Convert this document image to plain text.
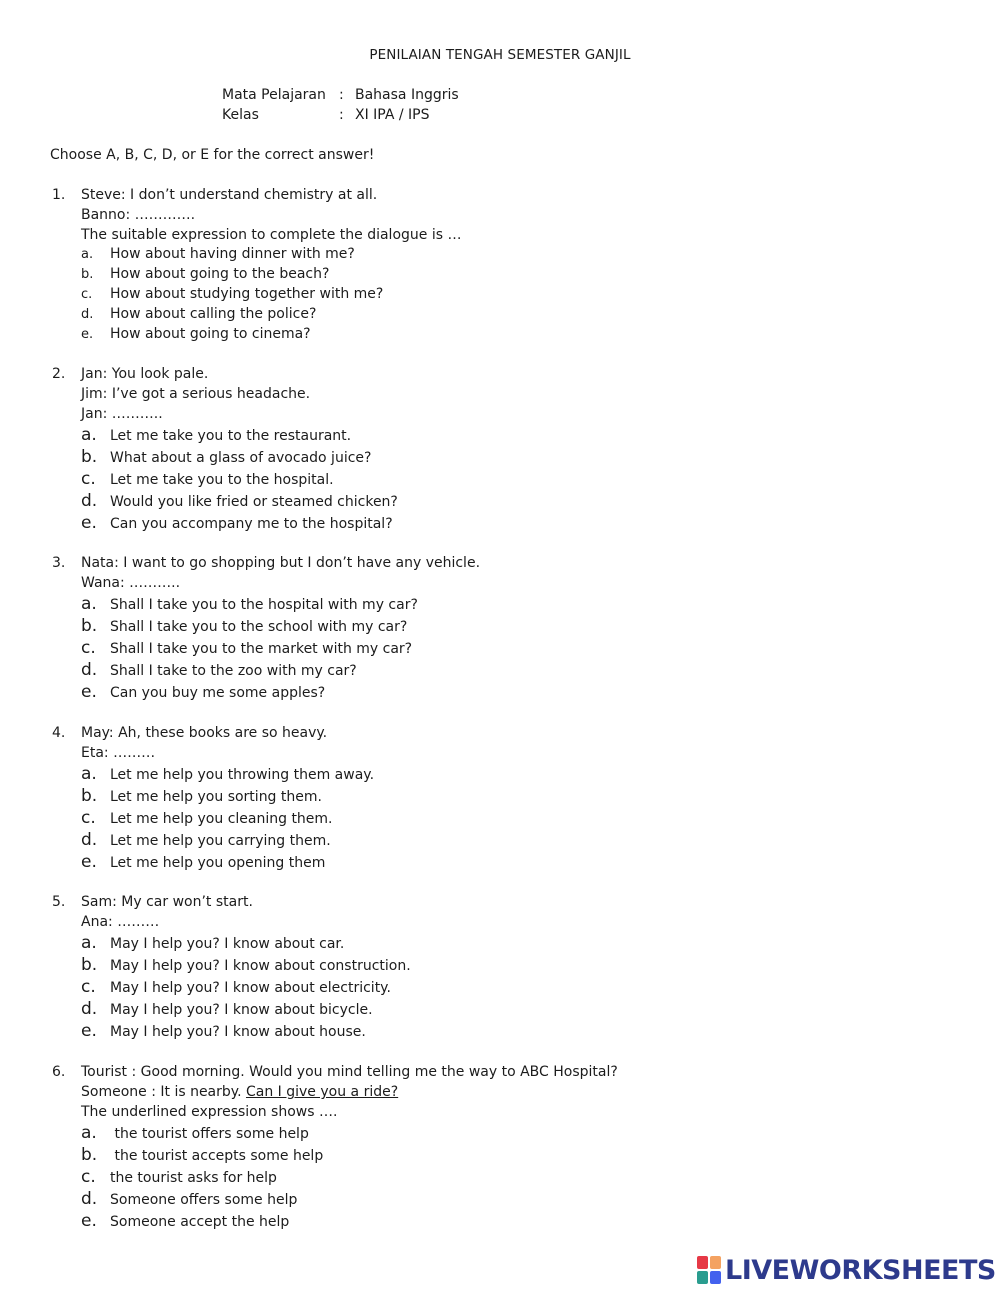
PENILAIAN TENGAH SEMESTER GANJIL
Mata Pelajaran : Bahasa Inggris
Kelas	: XI IPA / IPS
Choose A, B, C, D, or E for the correct answer!
1. Steve: I don’t understand chemistry at all.
Banno: ………….
The suitable expression to complete the dialogue is …
a. How about having dinner with me?
b. How about going to the beach?
c. How about studying together with me?
d. How about calling the police?
e. How about going to cinema?
2. Jan: You look pale.
Jim: I’ve got a serious headache.
Jan: ………..
a. Let me take you to the restaurant.
b. What about a glass of avocado juice?
c. Let me take you to the hospital.
d. Would you like fried or steamed chicken?
e. Can you accompany me to the hospital?
3. Nata: I want to go shopping but I don’t have any vehicle.
Wana: ………..
a. Shall I take you to the hospital with my car?
b. Shall I take you to the school with my car?
c. Shall I take you to the market with my car?
d. Shall I take to the zoo with my car?
e. Can you buy me some apples?
4. May: Ah, these books are so heavy.
Eta: ………
a. Let me help you throwing them away.
b. Let me help you sorting them.
c. Let me help you cleaning them.
d. Let me help you carrying them.
e. Let me help you opening them
5. Sam: My car won’t start.
Ana: ………
a. May I help you? I know about car.
b. May I help you? I know about construction.
c. May I help you? I know about electricity.
d. May I help you? I know about bicycle.
e. May I help you? I know about house.
6. Tourist : Good morning. Would you mind telling me the way to ABC Hospital?
Someone : It is nearby. Can I give you a ride?
The underlined expression shows ….
a. the tourist offers some help
b. the tourist accepts some help
c. the tourist asks for help
d. Someone offers some help
e. Someone accept the help
LIVEWORKSHEETS
